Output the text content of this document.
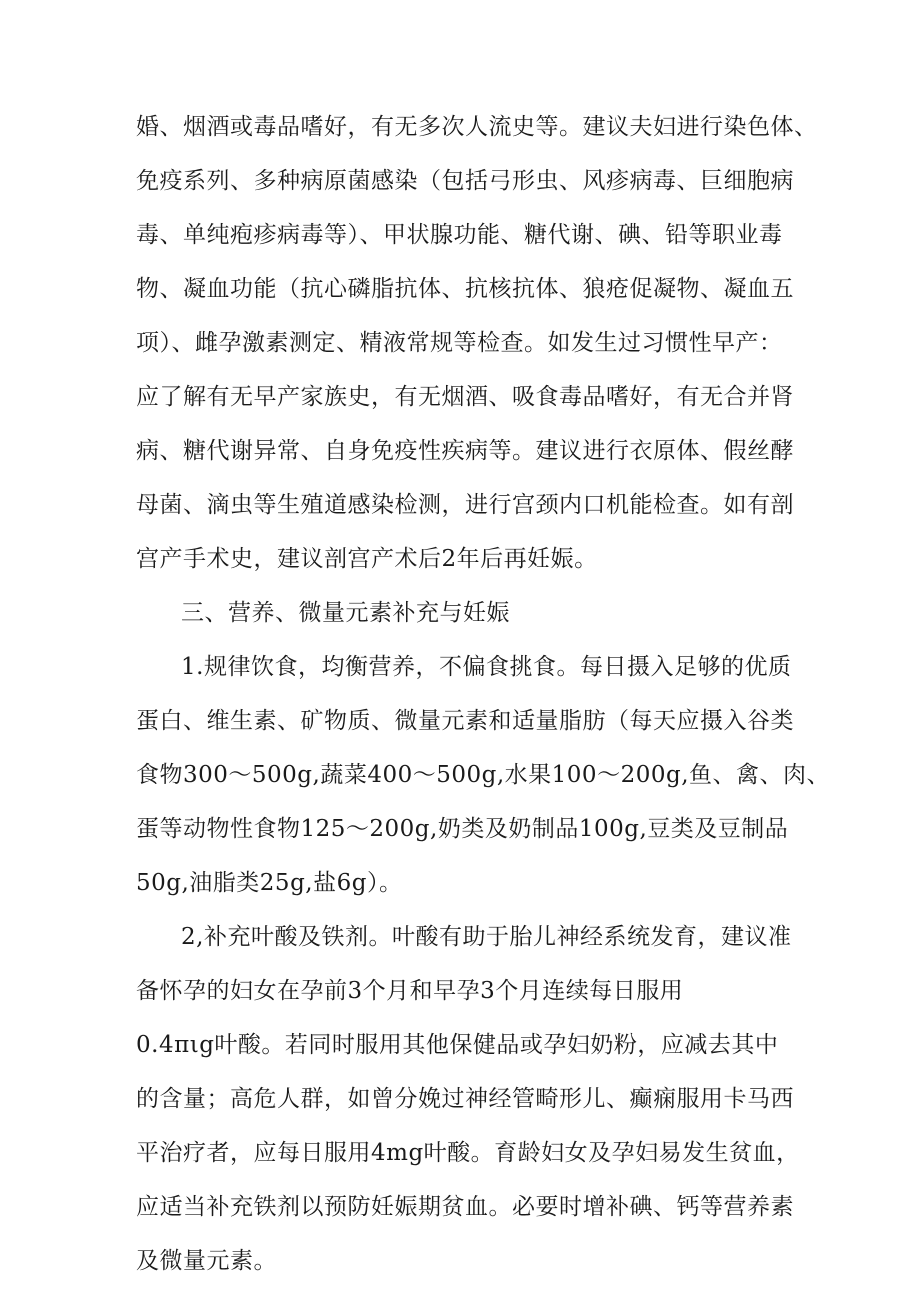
婚、烟酒或毒品嗜好，有无多次人流史等。建议夫妇进行染色体、
免疫系列、多种病原菌感染（包括弓形虫、风疹病毒、巨细胞病
毒、单纯疱疹病毒等）、甲状腺功能、糖代谢、碘、铅等职业毒
物、凝血功能（抗心磷脂抗体、抗核抗体、狼疮促凝物、凝血五
项）、雌孕激素测定、精液常规等检查。如发生过习惯性早产：
应了解有无早产家族史，有无烟酒、吸食毒品嗜好，有无合并肾
病、糖代谢异常、自身免疫性疾病等。建议进行衣原体、假丝酵
母菌、滴虫等生殖道感染检测，进行宫颈内口机能检查。如有剖
宫产手术史，建议剖宫产术后2年后再妊娠。
三、营养、微量元素补充与妊娠
1.规律饮食，均衡营养，不偏食挑食。每日摄入足够的优质
蛋白、维生素、矿物质、微量元素和适量脂肪（每天应摄入谷类
食物300～500g,蔬菜400～500g,水果100～200g,鱼、禽、肉、
蛋等动物性食物125～200g,奶类及奶制品100g,豆类及豆制品
50g,油脂类25g,盐6g）。
2,补充叶酸及铁剂。叶酸有助于胎儿神经系统发育，建议准
备怀孕的妇女在孕前3个月和早孕3个月连续每日服用
0.4πιg叶酸。若同时服用其他保健品或孕妇奶粉，应减去其中
的含量；高危人群，如曾分娩过神经管畸形儿、癫痫服用卡马西
平治疗者，应每日服用4mg叶酸。育龄妇女及孕妇易发生贫血，
应适当补充铁剂以预防妊娠期贫血。必要时增补碘、钙等营养素
及微量元素。
